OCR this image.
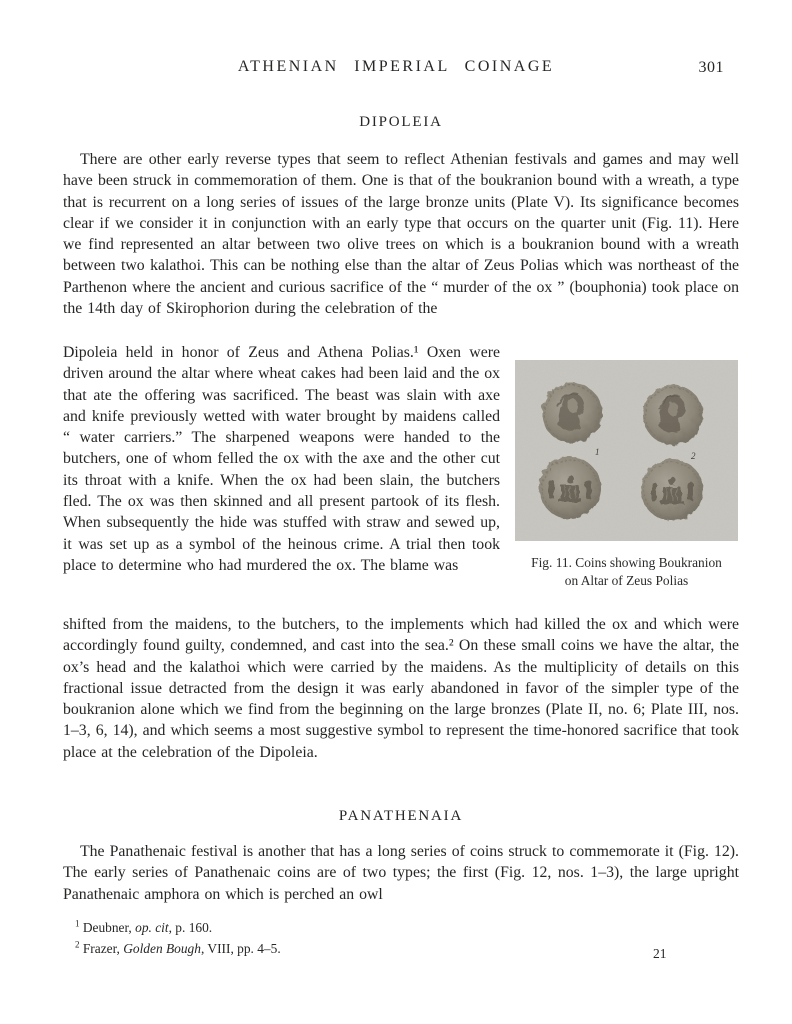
ATHENIAN IMPERIAL COINAGE	301
DIPOLEIA

There are other early reverse types that seem to reflect Athenian festivals and games and may well have been struck in commemoration of them. One is that of the boukranion bound with a wreath, a type that is recurrent on a long series of issues of the large bronze units (Plate V). Its significance becomes clear if we consider it in conjunction with an early type that occurs on the quarter unit (Fig. 11). Here we find represented an altar between two olive trees on which is a boukranion bound with a wreath between two kalathoi. This can be nothing else than the altar of Zeus Polias which was northeast of the Parthenon where the ancient and curious sacrifice of the “ murder of the ox ” (bouphonia) took place on the 14th day of Skirophorion during the celebration of the

Dipoleia held in honor of Zeus and Athena Polias.¹ Oxen were driven around the altar where wheat cakes had been laid and the ox that ate the offering was sacrificed. The beast was slain with axe and knife previously wetted with water brought by maidens called “ water carriers.” The sharpened weapons were handed to the butchers, one of whom felled the ox with the axe and the other cut its throat with a knife. When the ox had been slain, the butchers fled. The ox was then skinned and all present partook of its flesh. When subsequently the hide was stuffed with straw and sewed up, it was set up as a symbol of the heinous crime. A trial then took place to determine who had murdered the ox. The blame was

shifted from the maidens, to the butchers, to the implements which had killed the ox and which were accordingly found guilty, condemned, and cast into the sea.² On these small coins we have the altar, the ox’s head and the kalathoi which were carried by the maidens. As the multiplicity of details on this fractional issue detracted from the design it was early abandoned in favor of the simpler type of the boukranion alone which we find from the beginning on the large bronzes (Plate II, no. 6; Plate III, nos. 1–3, 6, 14), and which seems a most suggestive symbol to represent the time-honored sacrifice that took place at the celebration of the Dipoleia.

1	2
Fig. 11. Coins showing Boukranion
on Altar of Zeus Polias
PANATHENAIA

The Panathenaic festival is another that has a long series of coins struck to commemorate it (Fig. 12). The early series of Panathenaic coins are of two types; the first (Fig. 12, nos. 1–3), the large upright Panathenaic amphora on which is perched an owl

$^1$ Deubner, op. cit, p. 160.
$^2$ Frazer, Golden Bough, VIII, pp. 4–5.	21
